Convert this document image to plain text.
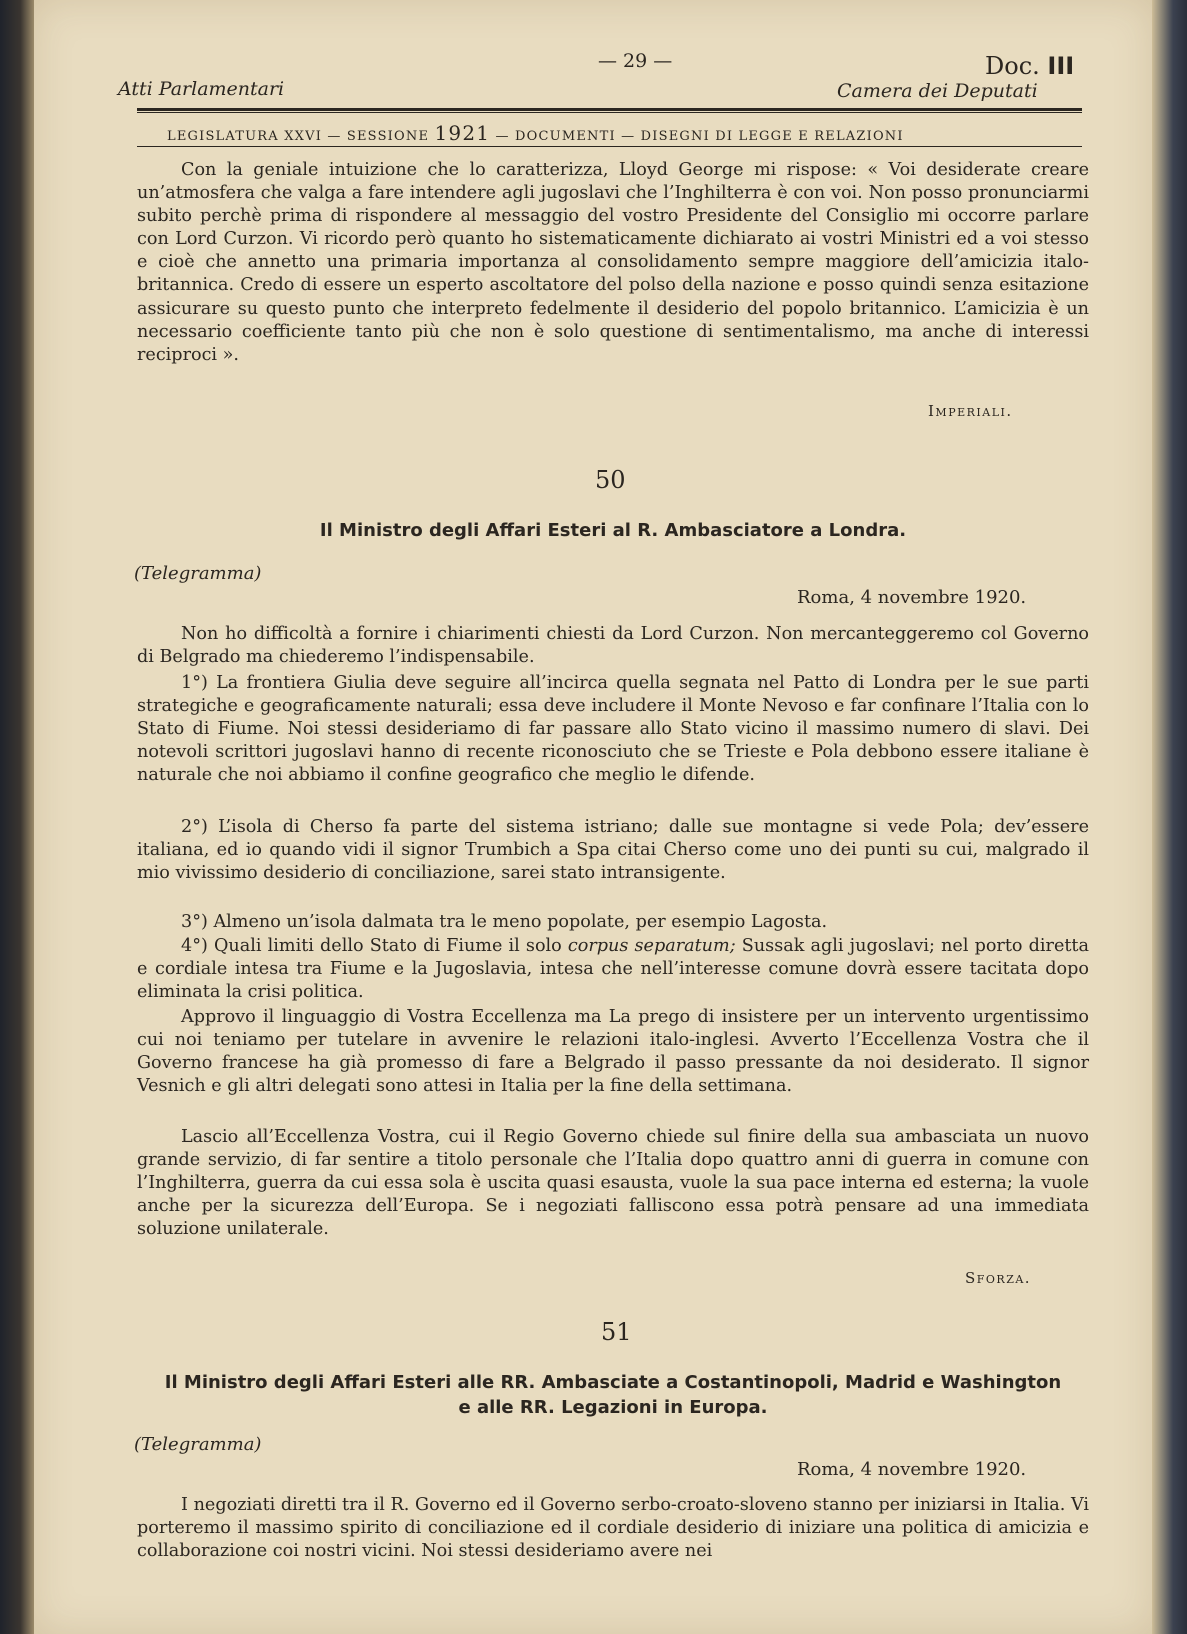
Atti Parlamentari
— 29 —	Doc. III
Camera dei Deputati
LEGISLATURA XXVI — SESSIONE 1921 — DOCUMENTI — DISEGNI DI LEGGE E RELAZIONI
Con la geniale intuizione che lo caratterizza, Lloyd George mi rispose: « Voi desiderate creare un’atmosfera che valga a fare intendere agli jugoslavi che l’Inghilterra è con voi. Non posso pronunciarmi subito perchè prima di rispondere al messaggio del vostro Presidente del Consiglio mi occorre parlare con Lord Curzon. Vi ricordo però quanto ho sistematicamente dichiarato ai vostri Ministri ed a voi stesso e cioè che annetto una primaria importanza al consolidamento sempre maggiore dell’amicizia italo-britannica. Credo di essere un esperto ascoltatore del polso della nazione e posso quindi senza esitazione assicurare su questo punto che interpreto fedelmente il desiderio del popolo britannico. L’amicizia è un necessario coefficiente tanto più che non è solo questione di sentimentalismo, ma anche di interessi reciproci ».
Imperiali.
50
Il Ministro degli Affari Esteri al R. Ambasciatore a Londra.
(Telegramma)
Roma, 4 novembre 1920.
Non ho difficoltà a fornire i chiarimenti chiesti da Lord Curzon. Non mercanteggeremo col Governo di Belgrado ma chiederemo l’indispensabile.
1°) La frontiera Giulia deve seguire all’incirca quella segnata nel Patto di Londra per le sue parti strategiche e geograficamente naturali; essa deve includere il Monte Nevoso e far confinare l’Italia con lo Stato di Fiume. Noi stessi desideriamo di far passare allo Stato vicino il massimo numero di slavi. Dei notevoli scrittori jugoslavi hanno di recente riconosciuto che se Trieste e Pola debbono essere italiane è naturale che noi abbiamo il confine geografico che meglio le difende.
2°) L’isola di Cherso fa parte del sistema istriano; dalle sue montagne si vede Pola; dev’essere italiana, ed io quando vidi il signor Trumbich a Spa citai Cherso come uno dei punti su cui, malgrado il mio vivissimo desiderio di conciliazione, sarei stato intransigente.
3°) Almeno un’isola dalmata tra le meno popolate, per esempio Lagosta.
4°) Quali limiti dello Stato di Fiume il solo corpus separatum; Sussak agli jugoslavi; nel porto diretta e cordiale intesa tra Fiume e la Jugoslavia, intesa che nell’interesse comune dovrà essere tacitata dopo eliminata la crisi politica.
Approvo il linguaggio di Vostra Eccellenza ma La prego di insistere per un intervento urgentissimo cui noi teniamo per tutelare in avvenire le relazioni italo-inglesi. Avverto l’Eccellenza Vostra che il Governo francese ha già promesso di fare a Belgrado il passo pressante da noi desiderato. Il signor Vesnich e gli altri delegati sono attesi in Italia per la fine della settimana.
Lascio all’Eccellenza Vostra, cui il Regio Governo chiede sul finire della sua ambasciata un nuovo grande servizio, di far sentire a titolo personale che l’Italia dopo quattro anni di guerra in comune con l’Inghilterra, guerra da cui essa sola è uscita quasi esausta, vuole la sua pace interna ed esterna; la vuole anche per la sicurezza dell’Europa. Se i negoziati falliscono essa potrà pensare ad una immediata soluzione unilaterale.
Sforza.
51
Il Ministro degli Affari Esteri alle RR. Ambasciate a Costantinopoli, Madrid e Washington
e alle RR. Legazioni in Europa.
(Telegramma)
Roma, 4 novembre 1920.
I negoziati diretti tra il R. Governo ed il Governo serbo-croato-sloveno stanno per iniziarsi in Italia. Vi porteremo il massimo spirito di conciliazione ed il cordiale desiderio di iniziare una politica di amicizia e collaborazione coi nostri vicini. Noi stessi desideriamo avere nei
